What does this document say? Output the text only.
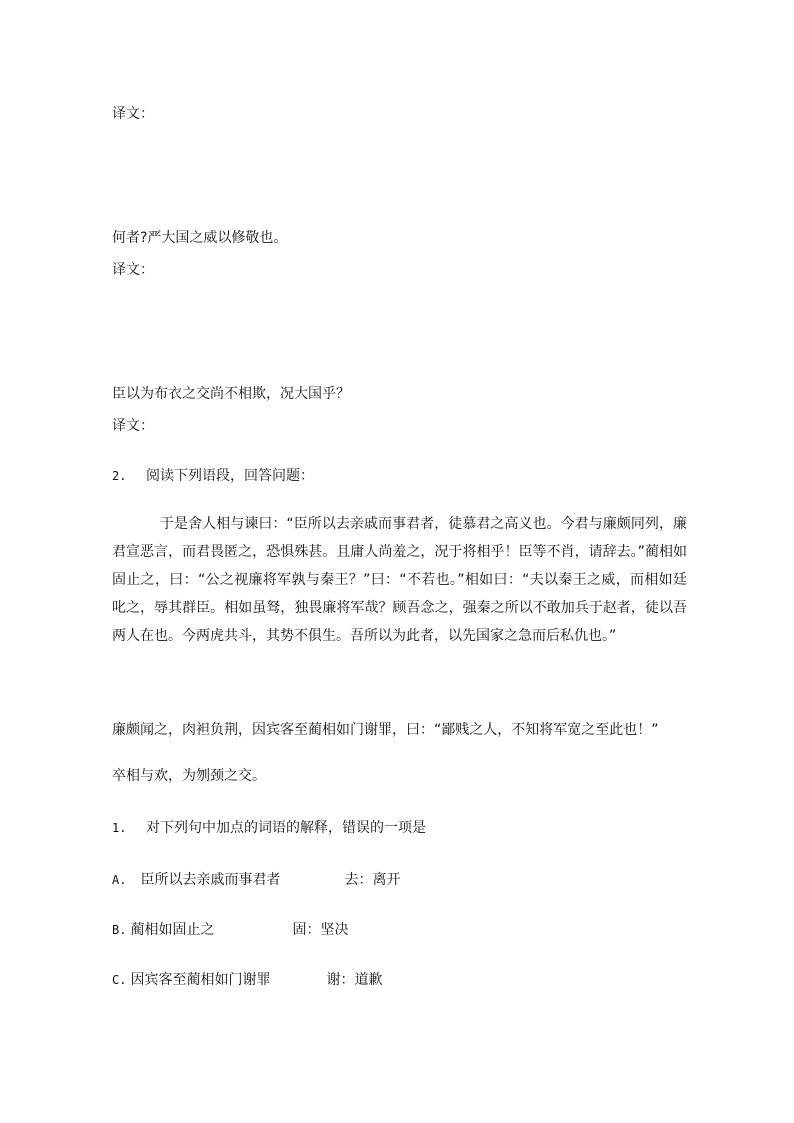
译文：
何者?严大国之威以修敬也。
译文：
臣以为布衣之交尚不相欺，况大国乎？
译文：
2. 阅读下列语段，回答问题：
于是舍人相与谏曰：“臣所以去亲戚而事君者，徒慕君之高义也。今君与廉颇同列，廉君宣恶言，而君畏匿之，恐惧殊甚。且庸人尚羞之，况于将相乎！臣等不肖，请辞去。”蔺相如固止之，曰：“公之视廉将军孰与秦王？”曰：“不若也。”相如曰：“夫以秦王之威，而相如廷叱之，辱其群臣。相如虽驽，独畏廉将军哉？顾吾念之，强秦之所以不敢加兵于赵者，徒以吾两人在也。今两虎共斗，其势不俱生。吾所以为此者，以先国家之急而后私仇也。”
廉颇闻之，肉袒负荆，因宾客至蔺相如门谢罪，曰：“鄙贱之人，不知将军宽之至此也！”
卒相与欢，为刎颈之交。
1. 对下列句中加点的词语的解释，错误的一项是
A. 臣所以去亲戚而事君者	去：离开
B. 蔺相如固止之	固：坚决
C. 因宾客至蔺相如门谢罪	谢：道歉
